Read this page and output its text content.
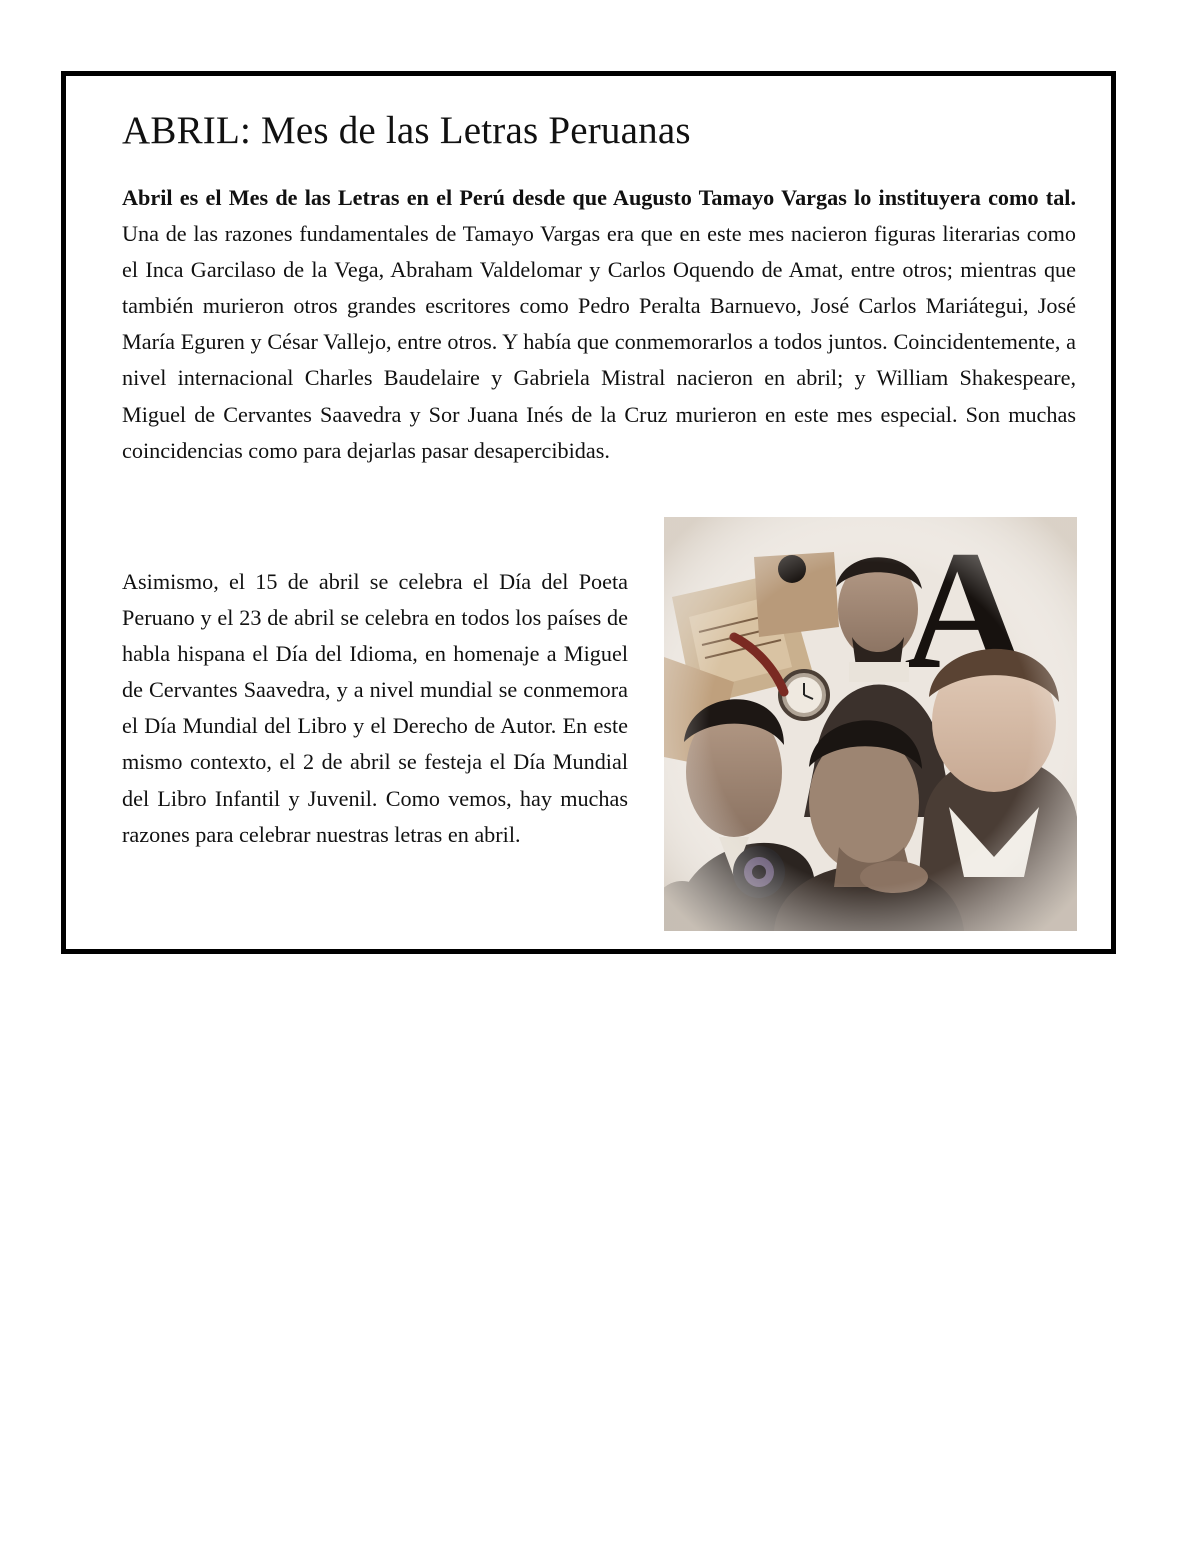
ABRIL: Mes de las Letras Peruanas

Abril es el Mes de las Letras en el Perú desde que Augusto Tamayo Vargas lo instituyera como tal. Una de las razones fundamentales de Tamayo Vargas era que en este mes nacieron figuras literarias como el Inca Garcilaso de la Vega, Abraham Valdelomar y Carlos Oquendo de Amat, entre otros; mientras que también murieron otros grandes escritores como Pedro Peralta Barnuevo, José Carlos Mariátegui, José María Eguren y César Vallejo, entre otros. Y había que conmemorarlos a todos juntos. Coincidentemente, a nivel internacional Charles Baudelaire y Gabriela Mistral nacieron en abril; y William Shakespeare, Miguel de Cervantes Saavedra y Sor Juana Inés de la Cruz murieron en este mes especial. Son muchas coincidencias como para dejarlas pasar desapercibidas.

Asimismo, el 15 de abril se celebra el Día del Poeta Peruano y el 23 de abril se celebra en todos los países de habla hispana el Día del Idioma, en homenaje a Miguel de Cervantes Saavedra, y a nivel mundial se conmemora el Día Mundial del Libro y el Derecho de Autor. En este mismo contexto, el 2 de abril se festeja el Día Mundial del Libro Infantil y Juvenil. Como vemos, hay muchas razones para celebrar nuestras letras en abril.
